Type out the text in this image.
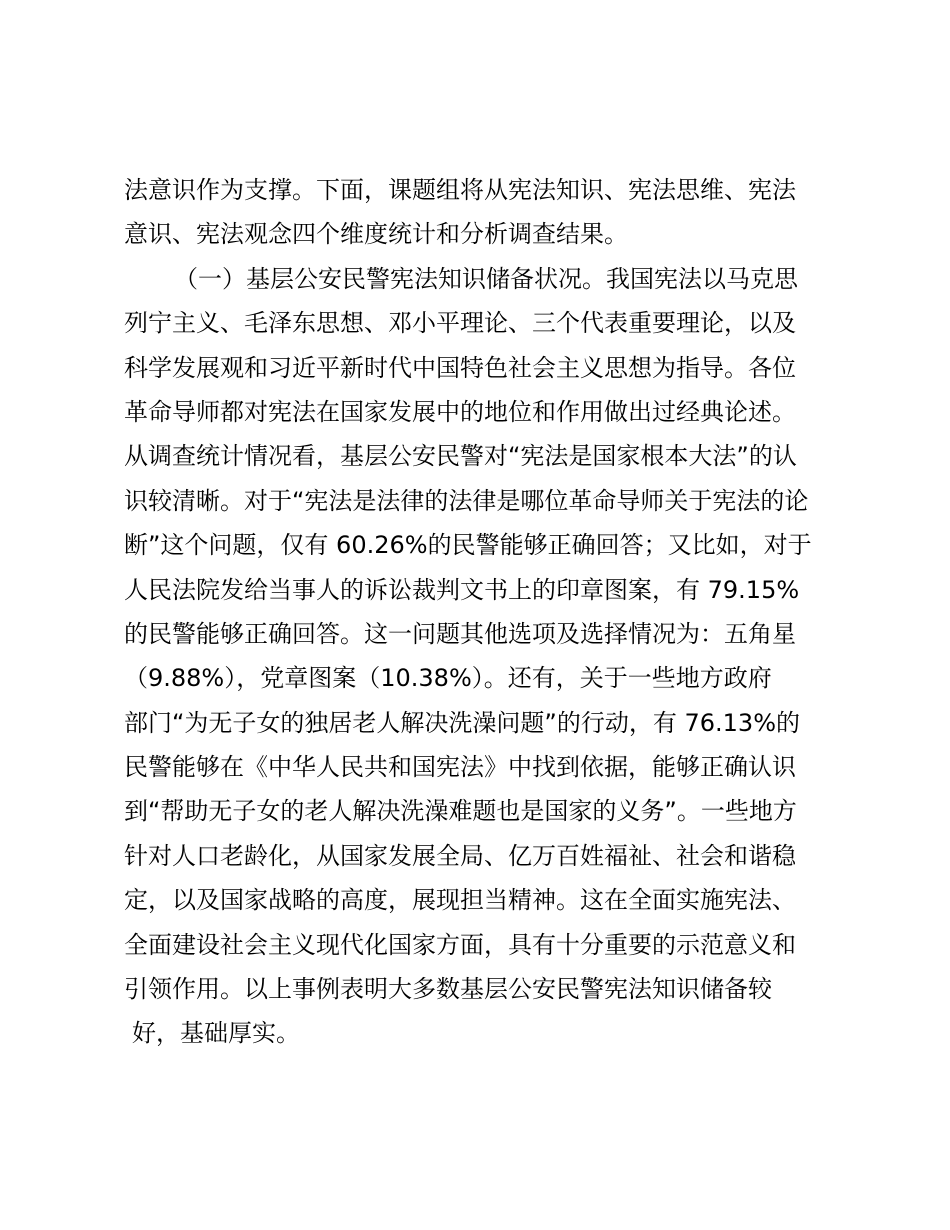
法意识作为支撑。下面，课题组将从宪法知识、宪法思维、宪法
意识、宪法观念四个维度统计和分析调查结果。
（一）基层公安民警宪法知识储备状况。我国宪法以马克思
列宁主义、毛泽东思想、邓小平理论、三个代表重要理论，以及
科学发展观和习近平新时代中国特色社会主义思想为指导。各位
革命导师都对宪法在国家发展中的地位和作用做出过经典论述。
从调查统计情况看，基层公安民警对“宪法是国家根本大法”的认
识较清晰。对于“宪法是法律的法律是哪位革命导师关于宪法的论
断”这个问题，仅有 60.26%的民警能够正确回答；又比如，对于
人民法院发给当事人的诉讼裁判文书上的印章图案，有 79.15%
的民警能够正确回答。这一问题其他选项及选择情况为：五角星
（9.88%），党章图案（10.38%）。还有，关于一些地方政府
部门“为无子女的独居老人解决洗澡问题”的行动，有 76.13%的
民警能够在《中华人民共和国宪法》中找到依据，能够正确认识
到“帮助无子女的老人解决洗澡难题也是国家的义务”。一些地方
针对人口老龄化，从国家发展全局、亿万百姓福祉、社会和谐稳
定，以及国家战略的高度，展现担当精神。这在全面实施宪法、
全面建设社会主义现代化国家方面，具有十分重要的示范意义和
引领作用。以上事例表明大多数基层公安民警宪法知识储备较
好，基础厚实。
